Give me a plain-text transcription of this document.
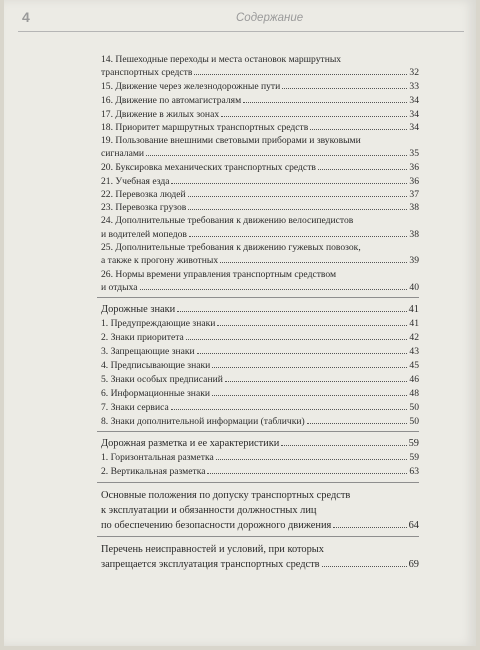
4	Содержание
14. Пешеходные переходы и места остановок маршрутных
транспортных средств	32
15. Движение через железнодорожные пути	33
16. Движение по автомагистралям	34
17. Движение в жилых зонах	34
18. Приоритет маршрутных транспортных средств	34
19. Пользование внешними световыми приборами и звуковыми
сигналами	35
20. Буксировка механических транспортных средств	36
21. Учебная езда	36
22. Перевозка людей	37
23. Перевозка грузов	38
24. Дополнительные требования к движению велосипедистов
и водителей мопедов	38
25. Дополнительные требования к движению гужевых повозок,
а также к прогону животных	39
26. Нормы времени управления транспортным средством
и отдыха	40
Дорожные знаки	41
1. Предупреждающие знаки	41
2. Знаки приоритета	42
3. Запрещающие знаки	43
4. Предписывающие знаки	45
5. Знаки особых предписаний	46
6. Информационные знаки	48
7. Знаки сервиса	50
8. Знаки дополнительной информации (таблички)	50
Дорожная разметка и ее характеристики	59
1. Горизонтальная разметка	59
2. Вертикальная разметка	63
Основные положения по допуску транспортных средств
к эксплуатации и обязанности должностных лиц
по обеспечению безопасности дорожного движения	64
Перечень неисправностей и условий, при которых
запрещается эксплуатация транспортных средств	69
